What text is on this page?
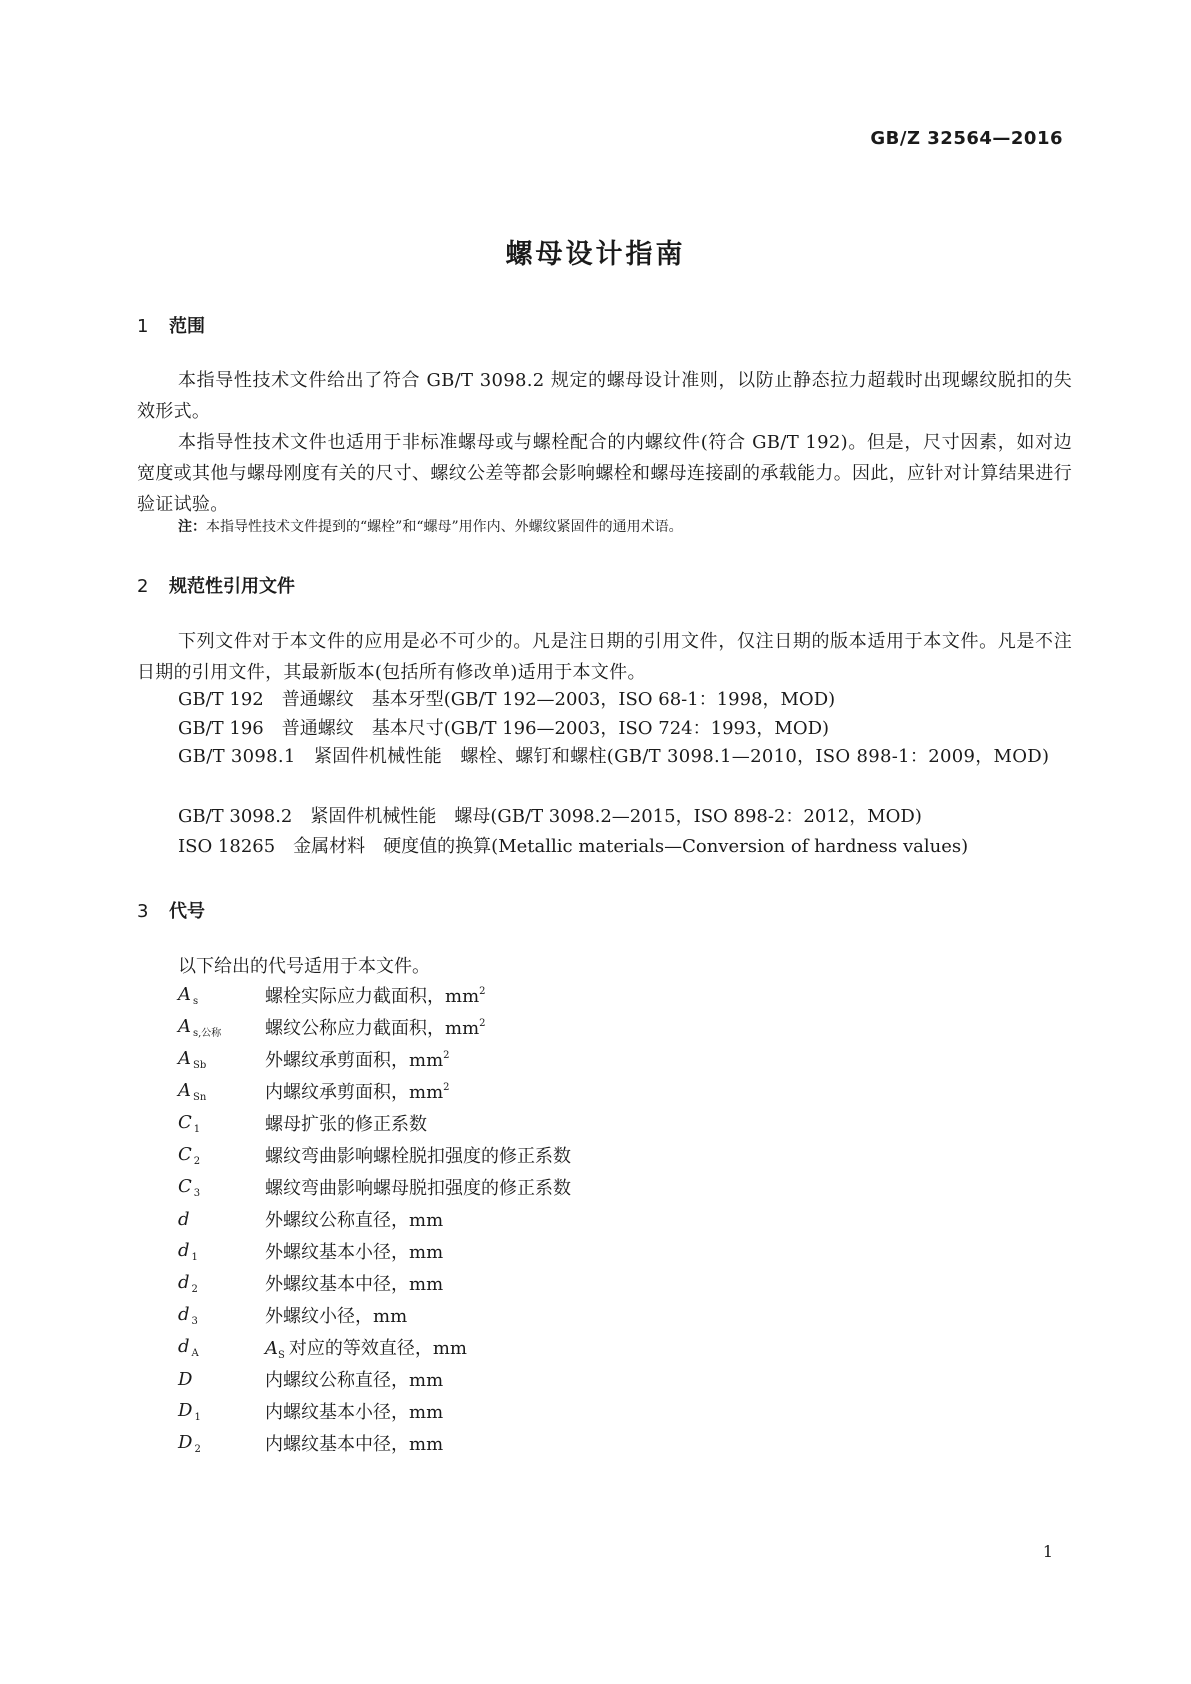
GB/Z 32564—2016
螺母设计指南
1 范围
本指导性技术文件给出了符合 GB/T 3098.2 规定的螺母设计准则，以防止静态拉力超载时出现螺纹脱扣的失效形式。
本指导性技术文件也适用于非标准螺母或与螺栓配合的内螺纹件(符合 GB/T 192)。但是，尺寸因素，如对边宽度或其他与螺母刚度有关的尺寸、螺纹公差等都会影响螺栓和螺母连接副的承载能力。因此，应针对计算结果进行验证试验。
注：本指导性技术文件提到的“螺栓”和“螺母”用作内、外螺纹紧固件的通用术语。
2 规范性引用文件
下列文件对于本文件的应用是必不可少的。凡是注日期的引用文件，仅注日期的版本适用于本文件。凡是不注日期的引用文件，其最新版本(包括所有修改单)适用于本文件。
GB/T 192　普通螺纹　基本牙型(GB/T 192—2003，ISO 68-1：1998，MOD)
GB/T 196　普通螺纹　基本尺寸(GB/T 196—2003，ISO 724：1993，MOD)
GB/T 3098.1　紧固件机械性能　螺栓、螺钉和螺柱(GB/T 3098.1—2010，ISO 898-1：2009，MOD)
GB/T 3098.2　紧固件机械性能　螺母(GB/T 3098.2—2015，ISO 898-2：2012，MOD)
ISO 18265　金属材料　硬度值的换算(Metallic materials—Conversion of hardness values)
3 代号
以下给出的代号适用于本文件。
A $_s$	螺栓实际应力截面积，$mm^2$
A $_{s,公称}$	螺纹公称应力截面积，$mm^2$
A $_{Sb}$	外螺纹承剪面积，$mm^2$
A $_{Sn}$	内螺纹承剪面积，$mm^2$
C $_1$	螺母扩张的修正系数
C $_2$	螺纹弯曲影响螺栓脱扣强度的修正系数
C $_3$	螺纹弯曲影响螺母脱扣强度的修正系数
d	外螺纹公称直径，mm
d $_1$	外螺纹基本小径，mm
d $_2$	外螺纹基本中径，mm
d $_3$	外螺纹小径，mm
d $_A$	$A_S$ 对应的等效直径，mm
D	内螺纹公称直径，mm
D $_1$	内螺纹基本小径，mm
D $_2$	内螺纹基本中径，mm
1
